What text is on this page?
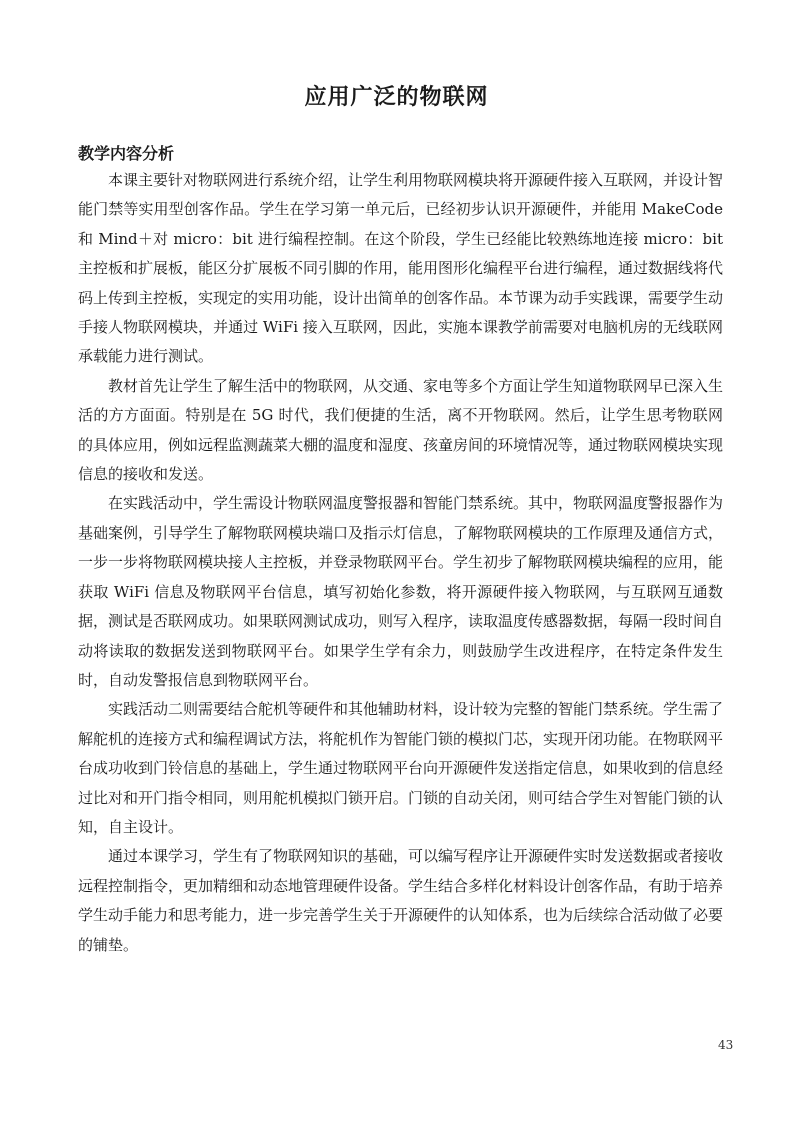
应用广泛的物联网
教学内容分析

本课主要针对物联网进行系统介绍，让学生利用物联网模块将开源硬件接入互联网，并设计智能门禁等实用型创客作品。学生在学习第一单元后，已经初步认识开源硬件，并能用 MakeCode 和 Mind＋对 micro：bit 进行编程控制。在这个阶段，学生已经能比较熟练地连接 micro：bit 主控板和扩展板，能区分扩展板不同引脚的作用，能用图形化编程平台进行编程，通过数据线将代码上传到主控板，实现定的实用功能，设计出简单的创客作品。本节课为动手实践课，需要学生动手接人物联网模块，并通过 WiFi 接入互联网，因此，实施本课教学前需要对电脑机房的无线联网承载能力进行测试。

教材首先让学生了解生活中的物联网，从交通、家电等多个方面让学生知道物联网早已深入生活的方方面面。特别是在 5G 时代，我们便捷的生活，离不开物联网。然后，让学生思考物联网的具体应用，例如远程监测蔬菜大棚的温度和湿度、孩童房间的环境情况等，通过物联网模块实现信息的接收和发送。

在实践活动中，学生需设计物联网温度警报器和智能门禁系统。其中，物联网温度警报器作为基础案例，引导学生了解物联网模块端口及指示灯信息，了解物联网模块的工作原理及通信方式，一步一步将物联网模块接人主控板，并登录物联网平台。学生初步了解物联网模块编程的应用，能获取 WiFi 信息及物联网平台信息，填写初始化参数，将开源硬件接入物联网，与互联网互通数据，测试是否联网成功。如果联网测试成功，则写入程序，读取温度传感器数据，每隔一段时间自动将读取的数据发送到物联网平台。如果学生学有余力，则鼓励学生改进程序，在特定条件发生时，自动发警报信息到物联网平台。

实践活动二则需要结合舵机等硬件和其他辅助材料，设计较为完整的智能门禁系统。学生需了解舵机的连接方式和编程调试方法，将舵机作为智能门锁的模拟门芯，实现开闭功能。在物联网平台成功收到门铃信息的基础上，学生通过物联网平台向开源硬件发送指定信息，如果收到的信息经过比对和开门指令相同，则用舵机模拟门锁开启。门锁的自动关闭，则可结合学生对智能门锁的认知，自主设计。

通过本课学习，学生有了物联网知识的基础，可以编写程序让开源硬件实时发送数据或者接收远程控制指令，更加精细和动态地管理硬件设备。学生结合多样化材料设计创客作品，有助于培养学生动手能力和思考能力，进一步完善学生关于开源硬件的认知体系，也为后续综合活动做了必要的铺垫。

43
